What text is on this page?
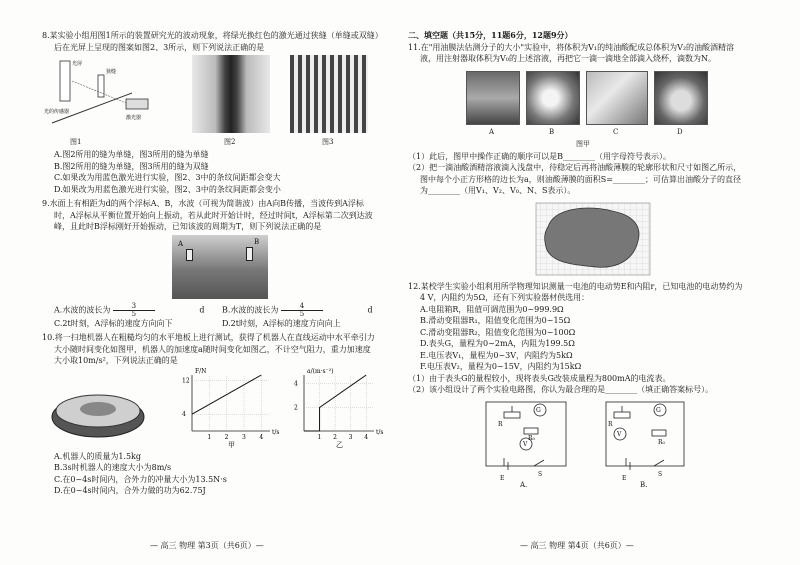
8.某实验小组用图1所示的装置研究光的波动现象，将绿光换红色的激光通过狭缝（单缝或双缝）

后在光屏上呈现的图案如图2、3所示，则下列说法正确的是

光屏
光的传感器
狭缝
激光器
图1	图2	图3

A.图2所用的缝为单缝，图3所用的缝为单缝

B.图2所用的缝为单缝，图3所用的缝为双缝

C.如果改为用蓝色激光进行实验，图2、3中的条纹间距都会变大

D.如果改为用蓝色激光进行实验，图2、3中的条纹间距都会变小

9.水面上有相距为d的两个浮标A、B，水波（可视为简谐波）由A向B传播，当波传到A浮标

时，A浮标从平衡位置开始向上振动，若从此时开始计时，经过时间t，A浮标第二次到达波

峰，且此时B浮标刚好开始振动，已知该波的周期为T，则下列说法正确的是

A	B
A.水波的波长为 $\frac{3}{5}$ d	B.水波的波长为 $\frac{4}{5}$ d
C.2t时刻，A浮标的速度方向向下	D.2t时刻，A浮标的速度方向向上

10.将一扫地机器人在粗糙均匀的水平地板上进行测试，获得了机器人在直线运动中水平牵引力

大小随时间变化如图甲，机器人的加速度a随时间变化如图乙，不计空气阻力，重力加速度

大小取10m/s²，下列说法正确的是

1 2 3 4
12
4
F/N
t/s
甲
1 2 3 4
4
2
a/(m·s⁻²)
t/s
乙

A.机器人的质量为1.5kg

B.3s时机器人的速度大小为8m/s

C.在0~4s时间内，合外力的冲量大小为13.5N·s

D.在0~4s时间内，合外力做的功为62.75J

— 高三 物理 第3页（共6页）—

二、填空题（共15分，11题6分，12题9分）

11.在"用油膜法估测分子的大小"实验中，将体积为V₁的纯油酸配成总体积为V₂的油酸酒精溶

液，用注射器取体积为V₀的上述溶液，再把它一滴一滴地全部滴入烧杯，滴数为N。

A	B	C	D
图甲

（1）此后，图甲中操作正确的顺序可以是B________（用字母符号表示）。

（2）把一滴油酸酒精溶液滴入浅盘中，待稳定后再将油酸薄膜的轮廓形状和尺寸如图乙所示，

图中每个小正方形格的边长为a，则油酸薄膜的面积S=________；可估算出油酸分子的直径

为________（用V₁、V₂、V₀、N、S表示）。

12.某校学生实验小组利用所学物理知识测量一电池的电动势E和内阻r，已知电池的电动势约为

4 V，内阻约为5Ω，还有下列实验器材供选用：

A.电阻箱R，阻值可调范围为0~999.9Ω

B.滑动变阻器R₁，阻值变化范围为0~15Ω

C.滑动变阻器R₂，阻值变化范围为0~100Ω

D.表头G，量程为0~2mA，内阻为199.5Ω

E.电压表V₁，量程为0~3V，内阻约为5kΩ

F.电压表V₂，量程为0~15V，内阻约为15kΩ

（1）由于表头G的量程较小，现将表头G改装成量程为800mA的电流表。

（2）该小组设计了两个实验电路图，你认为最合理的是________（填正确答案标号）。

G
R
R₀
V
E
S
A.
G
R
V
R₀
E
S
B.
— 高三 物理 第4页（共6页）—
